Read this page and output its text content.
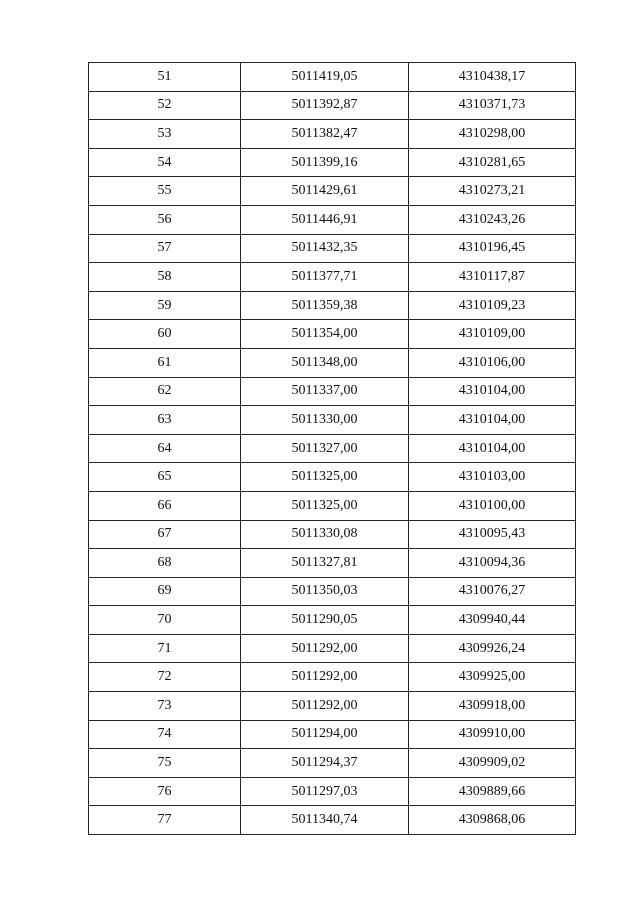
51	5011419,05	4310438,17
52	5011392,87	4310371,73
53	5011382,47	4310298,00
54	5011399,16	4310281,65
55	5011429,61	4310273,21
56	5011446,91	4310243,26
57	5011432,35	4310196,45
58	5011377,71	4310117,87
59	5011359,38	4310109,23
60	5011354,00	4310109,00
61	5011348,00	4310106,00
62	5011337,00	4310104,00
63	5011330,00	4310104,00
64	5011327,00	4310104,00
65	5011325,00	4310103,00
66	5011325,00	4310100,00
67	5011330,08	4310095,43
68	5011327,81	4310094,36
69	5011350,03	4310076,27
70	5011290,05	4309940,44
71	5011292,00	4309926,24
72	5011292,00	4309925,00
73	5011292,00	4309918,00
74	5011294,00	4309910,00
75	5011294,37	4309909,02
76	5011297,03	4309889,66
77	5011340,74	4309868,06
